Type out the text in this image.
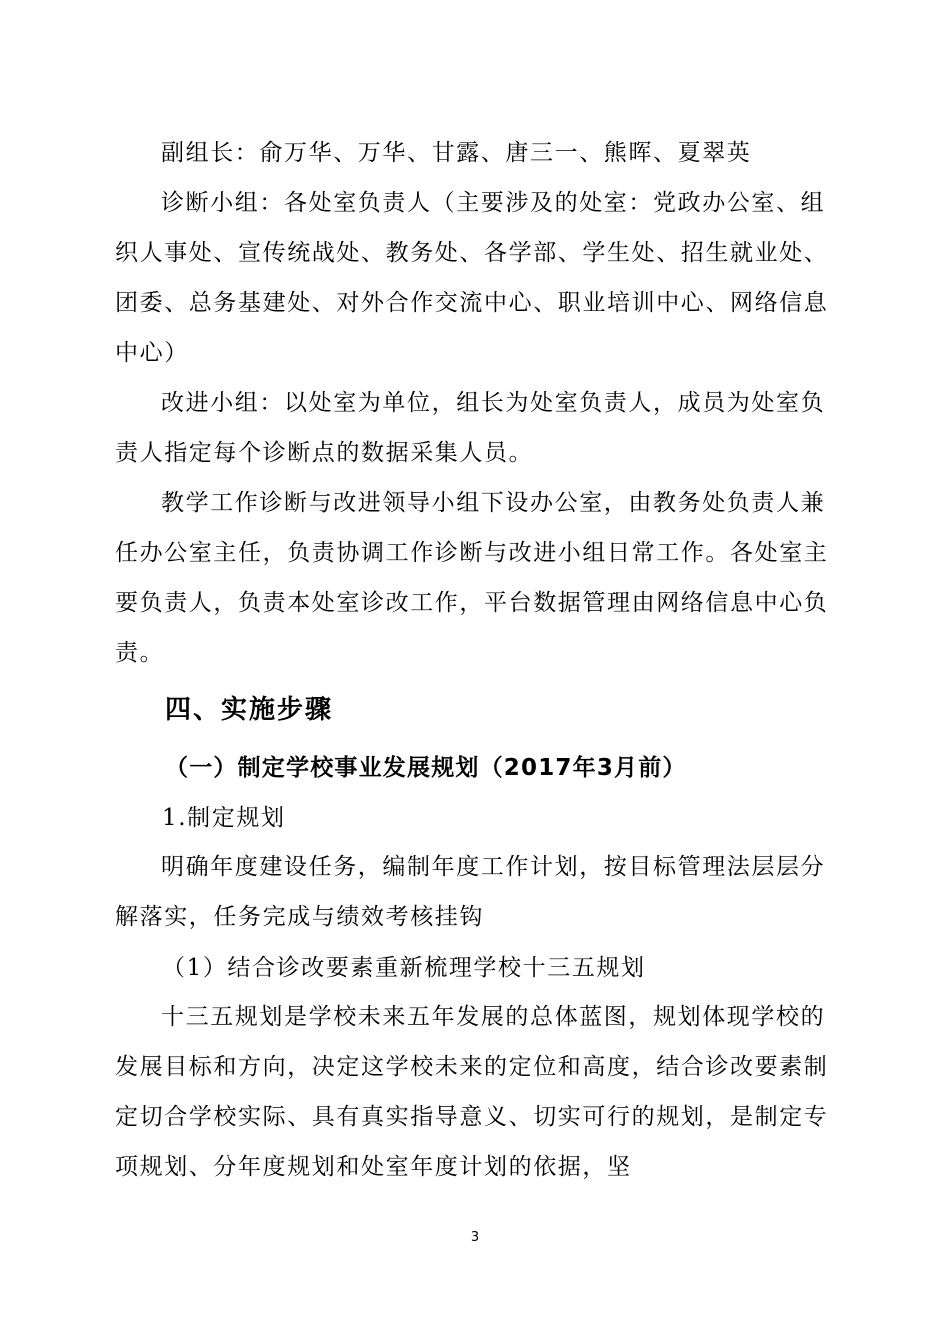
副组长：俞万华、万华、甘露、唐三一、熊晖、夏翠英

诊断小组：各处室负责人（主要涉及的处室：党政办公室、组织人事处、宣传统战处、教务处、各学部、学生处、招生就业处、团委、总务基建处、对外合作交流中心、职业培训中心、网络信息中心）

改进小组：以处室为单位，组长为处室负责人，成员为处室负责人指定每个诊断点的数据采集人员。

教学工作诊断与改进领导小组下设办公室，由教务处负责人兼任办公室主任，负责协调工作诊断与改进小组日常工作。各处室主要负责人，负责本处室诊改工作，平台数据管理由网络信息中心负责。

四、实施步骤
（一）制定学校事业发展规划（2017年3月前）

1.制定规划

明确年度建设任务，编制年度工作计划，按目标管理法层层分解落实，任务完成与绩效考核挂钩

（1）结合诊改要素重新梳理学校十三五规划

十三五规划是学校未来五年发展的总体蓝图，规划体现学校的发展目标和方向，决定这学校未来的定位和高度，结合诊改要素制定切合学校实际、具有真实指导意义、切实可行的规划，是制定专项规划、分年度规划和处室年度计划的依据，坚

3
